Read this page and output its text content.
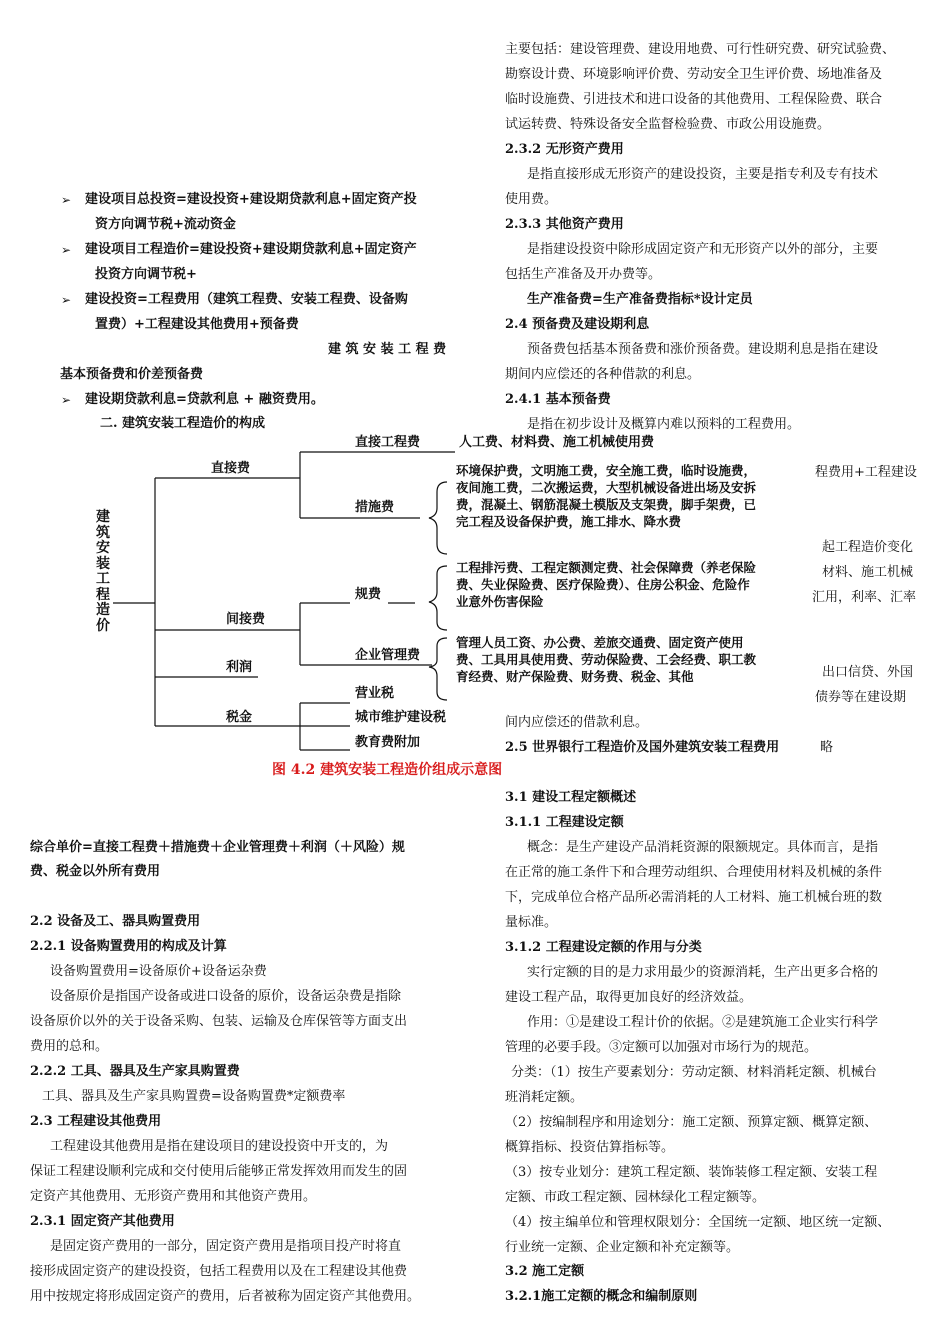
主要包括：建设管理费、建设用地费、可行性研究费、研究试验费、

勘察设计费、环境影响评价费、劳动安全卫生评价费、场地准备及

临时设施费、引进技术和进口设备的其他费用、工程保险费、联合

试运转费、特殊设备安全监督检验费、市政公用设施费。

2.3.2 无形资产费用

是指直接形成无形资产的建设投资，主要是指专利及专有技术

使用费。

2.3.3 其他资产费用

是指建设投资中除形成固定资产和无形资产以外的部分，主要

包括生产准备及开办费等。

生产准备费=生产准备费指标*设计定员

2.4 预备费及建设期利息

预备费包括基本预备费和涨价预备费。建设期利息是指在建设

期间内应偿还的各种借款的利息。

2.4.1 基本预备费

是指在初步设计及概算内难以预料的工程费用。

程费用+工程建设

起工程造价变化

材料、施工机械

汇用，利率、汇率

出口信贷、外国

债券等在建设期

间内应偿还的借款利息。

2.5 世界银行工程造价及国外建筑安装工程费用	略

➢ 建设项目总投资=建设投资+建设期贷款利息+固定资产投

资方向调节税+流动资金

➢ 建设项目工程造价=建设投资+建设期贷款利息+固定资产

投资方向调节税+

➢ 建设投资=工程费用（建筑工程费、安装工程费、设备购

置费）+工程建设其他费用+预备费

建 筑 安 装 工 程 费

基本预备费和价差预备费

➢ 建设期贷款利息=贷款利息 + 融资费用。

二. 建筑安装工程造价的构成

建
筑
安
装
工
程
造
价

直接费

间接费

利润

税金

直接工程费	人工费、材料费、施工机械使用费

措施费

环境保护费，文明施工费，安全施工费，临时设施费，

夜间施工费，二次搬运费，大型机械设备进出场及安拆

费，混凝土、钢筋混凝土模版及支架费，脚手架费，已

完工程及设备保护费，施工排水、降水费

规费

工程排污费、工程定额测定费、社会保障费（养老保险

费、失业保险费、医疗保险费）、住房公积金、危险作

业意外伤害保险

企业管理费

管理人员工资、办公费、差旅交通费、固定资产使用

费、工具用具使用费、劳动保险费、工会经费、职工教

育经费、财产保险费、财务费、税金、其他

营业税

城市维护建设税

教育费附加

图 4.2 建筑安装工程造价组成示意图

综合单价=直接工程费＋措施费＋企业管理费＋利润（＋风险）规

费、税金以外所有费用

2.2 设备及工、器具购置费用

2.2.1 设备购置费用的构成及计算

设备购置费用=设备原价+设备运杂费

设备原价是指国产设备或进口设备的原价，设备运杂费是指除

设备原价以外的关于设备采购、包装、运输及仓库保管等方面支出

费用的总和。

2.2.2 工具、器具及生产家具购置费

工具、器具及生产家具购置费=设备购置费*定额费率

2.3 工程建设其他费用

工程建设其他费用是指在建设项目的建设投资中开支的，为

保证工程建设顺利完成和交付使用后能够正常发挥效用而发生的固

定资产其他费用、无形资产费用和其他资产费用。

2.3.1 固定资产其他费用

是固定资产费用的一部分，固定资产费用是指项目投产时将直

接形成固定资产的建设投资，包括工程费用以及在工程建设其他费

用中按规定将形成固定资产的费用，后者被称为固定资产其他费用。

3.1 建设工程定额概述

3.1.1 工程建设定额

概念：是生产建设产品消耗资源的限额规定。具体而言，是指

在正常的施工条件下和合理劳动组织、合理使用材料及机械的条件

下，完成单位合格产品所必需消耗的人工材料、施工机械台班的数

量标准。

3.1.2 工程建设定额的作用与分类

实行定额的目的是力求用最少的资源消耗，生产出更多合格的

建设工程产品，取得更加良好的经济效益。

作用：①是建设工程计价的依据。②是建筑施工企业实行科学

管理的必要手段。③定额可以加强对市场行为的规范。

分类：（1）按生产要素划分：劳动定额、材料消耗定额、机械台

班消耗定额。

（2）按编制程序和用途划分：施工定额、预算定额、概算定额、

概算指标、投资估算指标等。

（3）按专业划分：建筑工程定额、装饰装修工程定额、安装工程

定额、市政工程定额、园林绿化工程定额等。

（4）按主编单位和管理权限划分：全国统一定额、地区统一定额、

行业统一定额、企业定额和补充定额等。

3.2 施工定额

3.2.1施工定额的概念和编制原则
